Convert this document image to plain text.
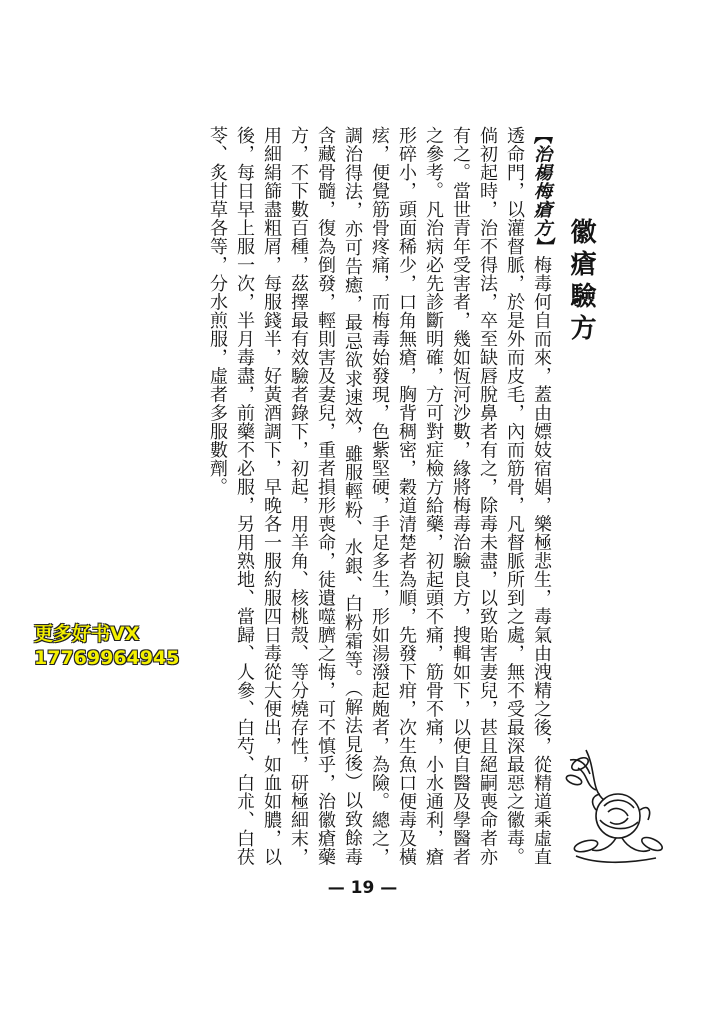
徽瘡驗方
【治楊梅瘡方】梅毒何自而來，蓋由嫖妓宿娼，樂極悲生，毒氣由洩精之後，從精道乘虛直透命門，以灌督脈，於是外而皮毛，內而筋骨，凡督脈所到之處，無不受最深最惡之徽毒。倘初起時，治不得法，卒至缺唇脫鼻者有之，除毒未盡，以致貽害妻兒，甚且絕嗣喪命者亦有之。當世青年受害者，幾如恆河沙數，緣將梅毒治驗良方，搜輯如下，以便自醫及學醫者之參考。凡治病必先診斷明確，方可對症檢方給藥，初起頭不痛，筋骨不痛，小水通利，瘡形碎小，頭面稀少，口角無瘡，胸背稠密，穀道清楚者為順，先發下疳，次生魚口便毒及橫痃，便覺筋骨疼痛，而梅毒始發現，色紫堅硬，手足多生，形如湯潑起皰者，為險。總之，調治得法，亦可告癒，最忌欲求速效，雖服輕粉、水銀、白粉霜等。（解法見後）以致餘毒含藏骨髓，復為倒發，輕則害及妻兒，重者損形喪命，徒遺噬臍之悔，可不慎乎，治徽瘡藥方，不下數百種，茲擇最有效驗者錄下，初起，用羊角、核桃殼、等分燒存性，研極細末，用細絹篩盡粗屑，每服錢半，好黃酒調下，早晚各一服約服四日毒從大便出，如血如膿，以後，每日早上服一次，半月毒盡，前藥不必服，另用熟地、當歸、人參、白芍、白朮、白茯苓、炙甘草各等，分水煎服，虛者多服數劑。
— 19 —
更多好书VX
17769964945
